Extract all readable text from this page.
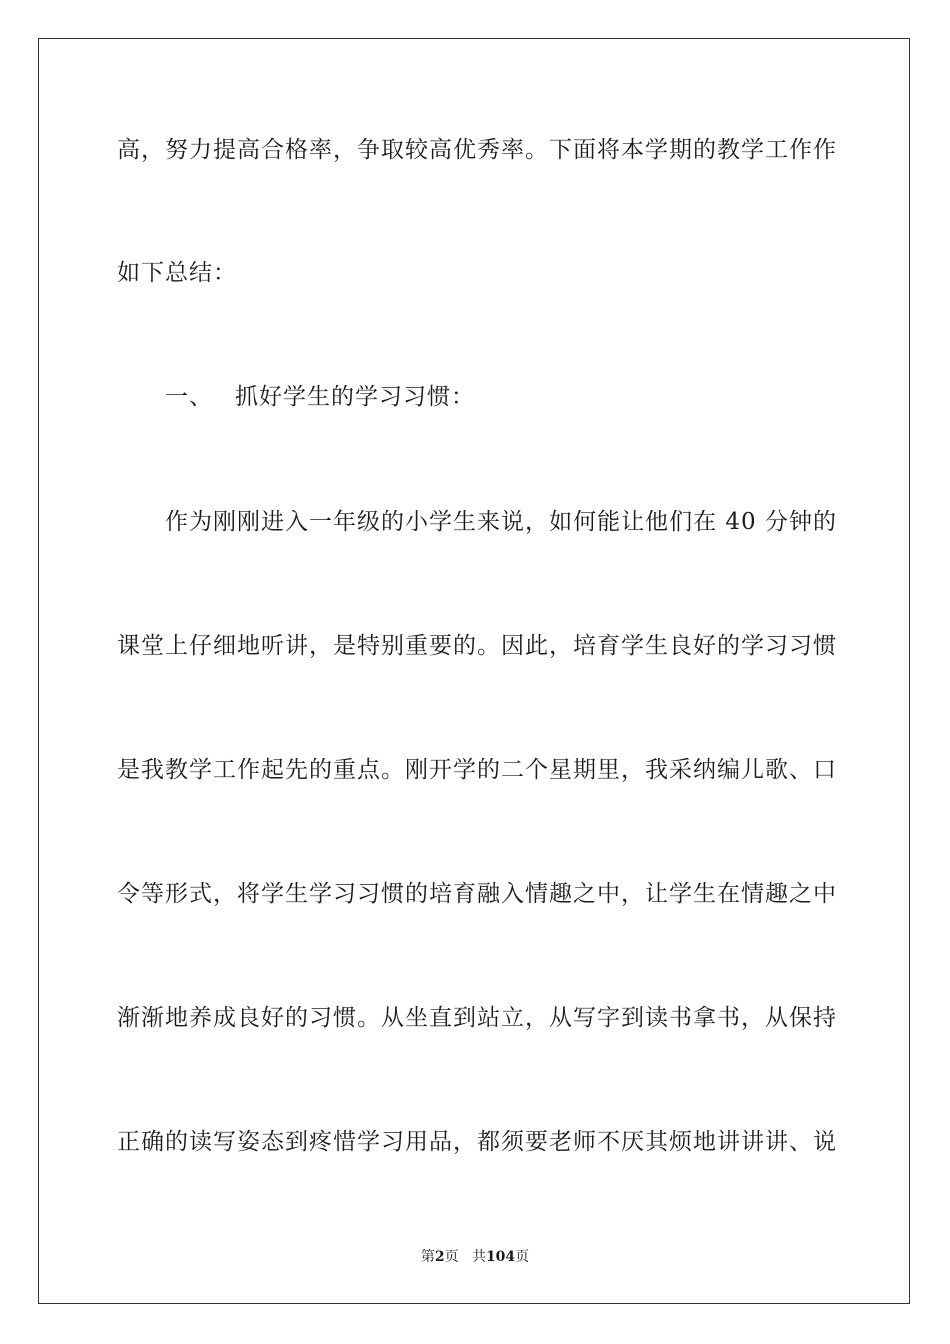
高，努力提高合格率，争取较高优秀率。下面将本学期的教学工作作
如下总结：
一、 抓好学生的学习习惯：
作为刚刚进入一年级的小学生来说，如何能让他们在 40 分钟的
课堂上仔细地听讲，是特别重要的。因此，培育学生良好的学习习惯
是我教学工作起先的重点。刚开学的二个星期里，我采纳编儿歌、口
令等形式，将学生学习习惯的培育融入情趣之中，让学生在情趣之中
渐渐地养成良好的习惯。从坐直到站立，从写字到读书拿书，从保持
正确的读写姿态到疼惜学习用品，都须要老师不厌其烦地讲讲讲、说
第2页 共104页
